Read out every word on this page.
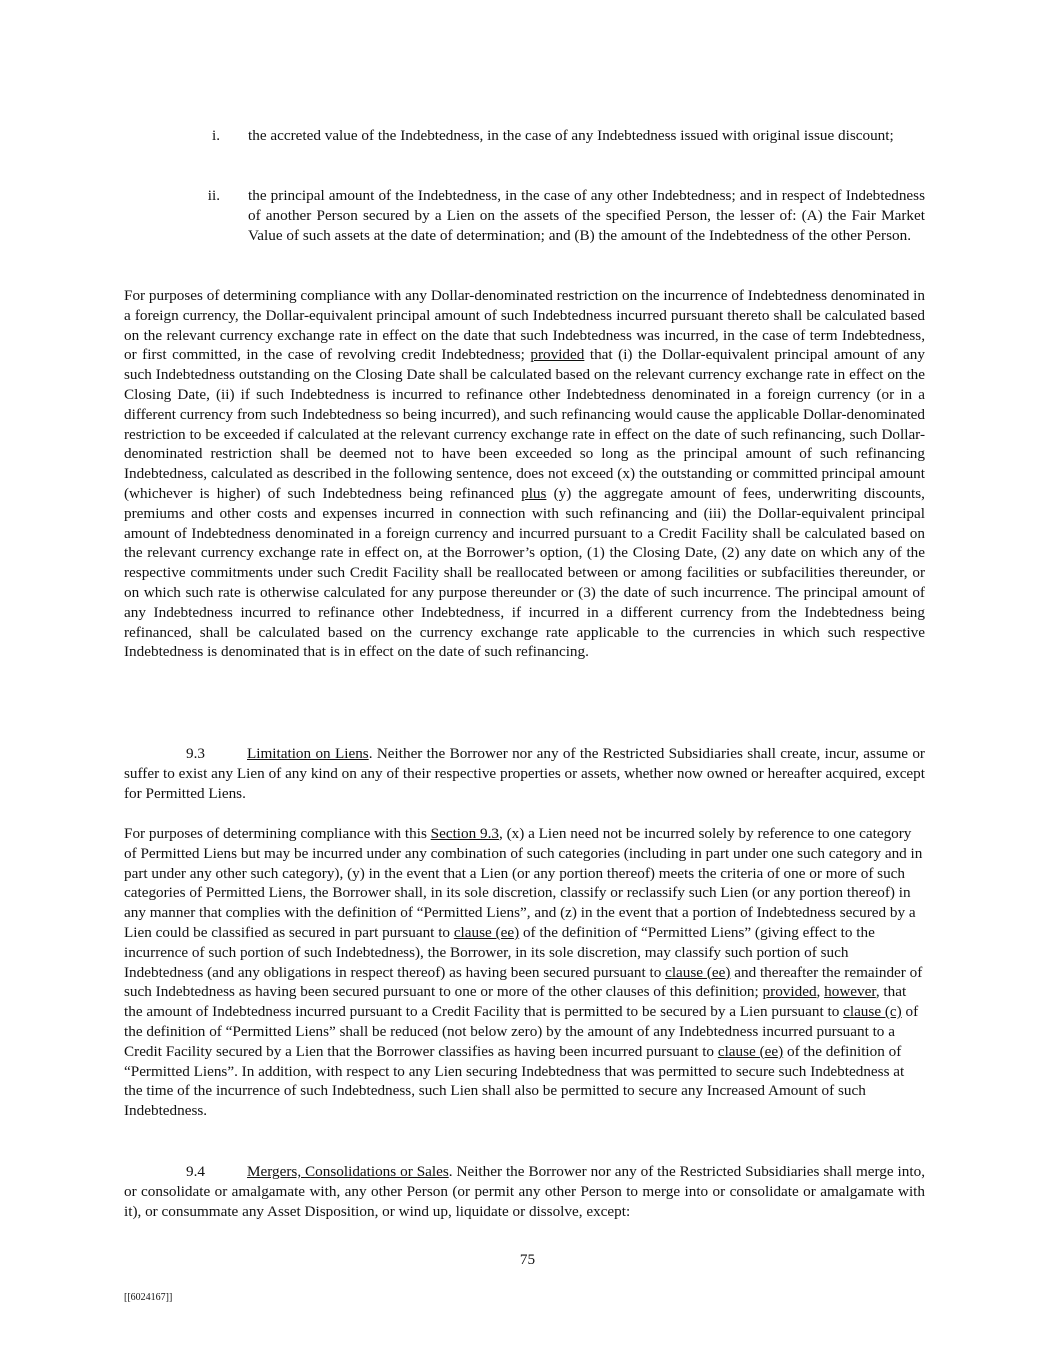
i. the accreted value of the Indebtedness, in the case of any Indebtedness issued with original issue discount;
ii. the principal amount of the Indebtedness, in the case of any other Indebtedness; and in respect of Indebtedness of another Person secured by a Lien on the assets of the specified Person, the lesser of: (A) the Fair Market Value of such assets at the date of determination; and (B) the amount of the Indebtedness of the other Person.

For purposes of determining compliance with any Dollar-denominated restriction on the incurrence of Indebtedness denominated in a foreign currency, the Dollar-equivalent principal amount of such Indebtedness incurred pursuant thereto shall be calculated based on the relevant currency exchange rate in effect on the date that such Indebtedness was incurred, in the case of term Indebtedness, or first committed, in the case of revolving credit Indebtedness; provided that (i) the Dollar-equivalent principal amount of any such Indebtedness outstanding on the Closing Date shall be calculated based on the relevant currency exchange rate in effect on the Closing Date, (ii) if such Indebtedness is incurred to refinance other Indebtedness denominated in a foreign currency (or in a different currency from such Indebtedness so being incurred), and such refinancing would cause the applicable Dollar-denominated restriction to be exceeded if calculated at the relevant currency exchange rate in effect on the date of such refinancing, such Dollar-denominated restriction shall be deemed not to have been exceeded so long as the principal amount of such refinancing Indebtedness, calculated as described in the following sentence, does not exceed (x) the outstanding or committed principal amount (whichever is higher) of such Indebtedness being refinanced plus (y) the aggregate amount of fees, underwriting discounts, premiums and other costs and expenses incurred in connection with such refinancing and (iii) the Dollar-equivalent principal amount of Indebtedness denominated in a foreign currency and incurred pursuant to a Credit Facility shall be calculated based on the relevant currency exchange rate in effect on, at the Borrower’s option, (1) the Closing Date, (2) any date on which any of the respective commitments under such Credit Facility shall be reallocated between or among facilities or subfacilities thereunder, or on which such rate is otherwise calculated for any purpose thereunder or (3) the date of such incurrence. The principal amount of any Indebtedness incurred to refinance other Indebtedness, if incurred in a different currency from the Indebtedness being refinanced, shall be calculated based on the currency exchange rate applicable to the currencies in which such respective Indebtedness is denominated that is in effect on the date of such refinancing.

9.3	Limitation on Liens. Neither the Borrower nor any of the Restricted Subsidiaries shall create, incur, assume or suffer to exist any Lien of any kind on any of their respective properties or assets, whether now owned or hereafter acquired, except for Permitted Liens.

For purposes of determining compliance with this Section 9.3, (x) a Lien need not be incurred solely by reference to one category of Permitted Liens but may be incurred under any combination of such categories (including in part under one such category and in part under any other such category), (y) in the event that a Lien (or any portion thereof) meets the criteria of one or more of such categories of Permitted Liens, the Borrower shall, in its sole discretion, classify or reclassify such Lien (or any portion thereof) in any manner that complies with the definition of “Permitted Liens”, and (z) in the event that a portion of Indebtedness secured by a Lien could be classified as secured in part pursuant to clause (ee) of the definition of “Permitted Liens” (giving effect to the incurrence of such portion of such Indebtedness), the Borrower, in its sole discretion, may classify such portion of such Indebtedness (and any obligations in respect thereof) as having been secured pursuant to clause (ee) and thereafter the remainder of such Indebtedness as having been secured pursuant to one or more of the other clauses of this definition; provided, however, that the amount of Indebtedness incurred pursuant to a Credit Facility that is permitted to be secured by a Lien pursuant to clause (c) of the definition of “Permitted Liens” shall be reduced (not below zero) by the amount of any Indebtedness incurred pursuant to a Credit Facility secured by a Lien that the Borrower classifies as having been incurred pursuant to clause (ee) of the definition of “Permitted Liens”. In addition, with respect to any Lien securing Indebtedness that was permitted to secure such Indebtedness at the time of the incurrence of such Indebtedness, such Lien shall also be permitted to secure any Increased Amount of such Indebtedness.

9.4	Mergers, Consolidations or Sales. Neither the Borrower nor any of the Restricted Subsidiaries shall merge into, or consolidate or amalgamate with, any other Person (or permit any other Person to merge into or consolidate or amalgamate with it), or consummate any Asset Disposition, or wind up, liquidate or dissolve, except:

75
[[6024167]]
